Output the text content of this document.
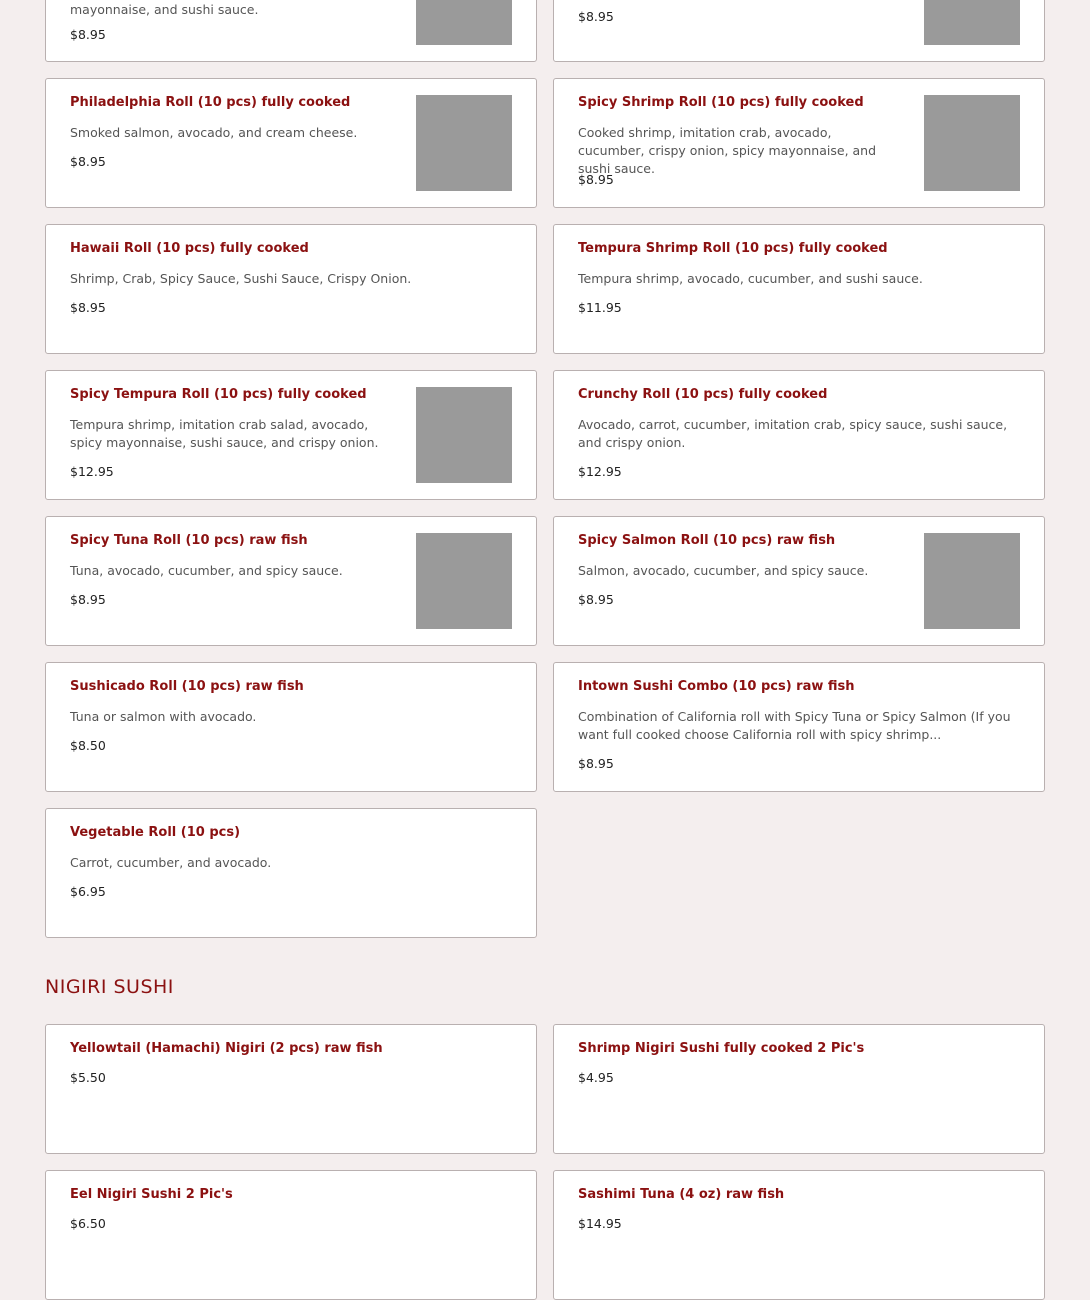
mayonnaise, and sushi sauce.
$8.95
$8.95
Philadelphia Roll (10 pcs) fully cooked
Smoked salmon, avocado, and cream cheese.
$8.95
Spicy Shrimp Roll (10 pcs) fully cooked
Cooked shrimp, imitation crab, avocado, cucumber, crispy onion, spicy mayonnaise, and sushi sauce.
$8.95
Hawaii Roll (10 pcs) fully cooked
Shrimp, Crab, Spicy Sauce, Sushi Sauce, Crispy Onion.
$8.95
Tempura Shrimp Roll (10 pcs) fully cooked
Tempura shrimp, avocado, cucumber, and sushi sauce.
$11.95
Spicy Tempura Roll (10 pcs) fully cooked
Tempura shrimp, imitation crab salad, avocado, spicy mayonnaise, sushi sauce, and crispy onion.
$12.95
Crunchy Roll (10 pcs) fully cooked
Avocado, carrot, cucumber, imitation crab, spicy sauce, sushi sauce, and crispy onion.
$12.95
Spicy Tuna Roll (10 pcs) raw fish
Tuna, avocado, cucumber, and spicy sauce.
$8.95
Spicy Salmon Roll (10 pcs) raw fish
Salmon, avocado, cucumber, and spicy sauce.
$8.95
Sushicado Roll (10 pcs) raw fish
Tuna or salmon with avocado.
$8.50
Intown Sushi Combo (10 pcs) raw fish
Combination of California roll with Spicy Tuna or Spicy Salmon (If you want full cooked choose California roll with spicy shrimp...
$8.95
Vegetable Roll (10 pcs)
Carrot, cucumber, and avocado.
$6.95
NIGIRI SUSHI
Yellowtail (Hamachi) Nigiri (2 pcs) raw fish
$5.50
Shrimp Nigiri Sushi fully cooked 2 Pic's
$4.95
Eel Nigiri Sushi 2 Pic's
$6.50
Sashimi Tuna (4 oz) raw fish
$14.95
